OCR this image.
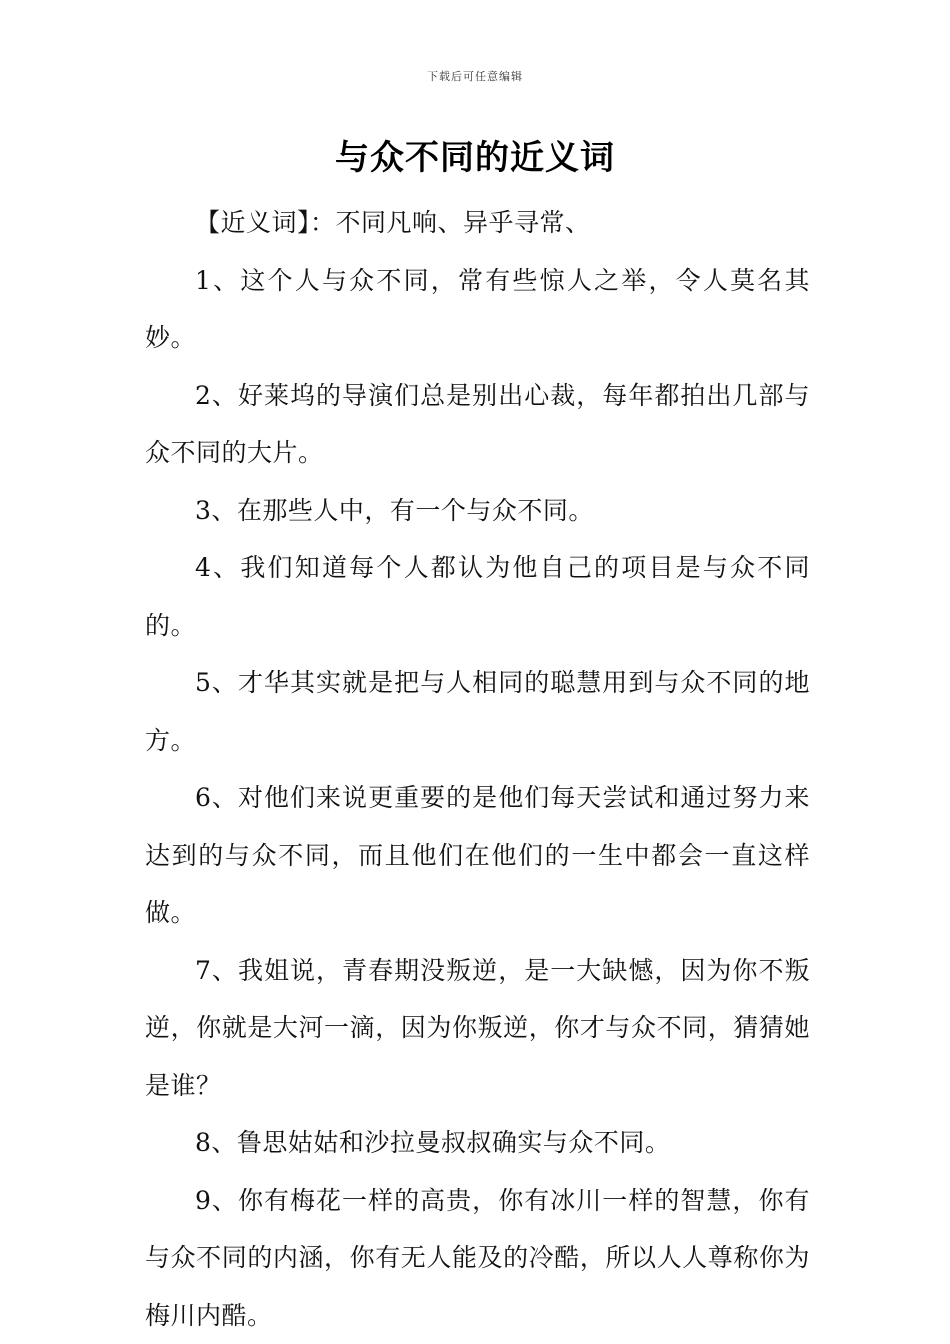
下载后可任意编辑
与众不同的近义词

【近义词】：不同凡响、异乎寻常、

1、这个人与众不同，常有些惊人之举，令人莫名其妙。

2、好莱坞的导演们总是别出心裁，每年都拍出几部与众不同的大片。

3、在那些人中，有一个与众不同。

4、我们知道每个人都认为他自己的项目是与众不同的。

5、才华其实就是把与人相同的聪慧用到与众不同的地方。

6、对他们来说更重要的是他们每天尝试和通过努力来达到的与众不同，而且他们在他们的一生中都会一直这样做。

7、我姐说，青春期没叛逆，是一大缺憾，因为你不叛逆，你就是大河一滴，因为你叛逆，你才与众不同，猜猜她是谁？

8、鲁思姑姑和沙拉曼叔叔确实与众不同。

9、你有梅花一样的高贵，你有冰川一样的智慧，你有与众不同的内涵，你有无人能及的冷酷，所以人人尊称你为梅川内酷。
